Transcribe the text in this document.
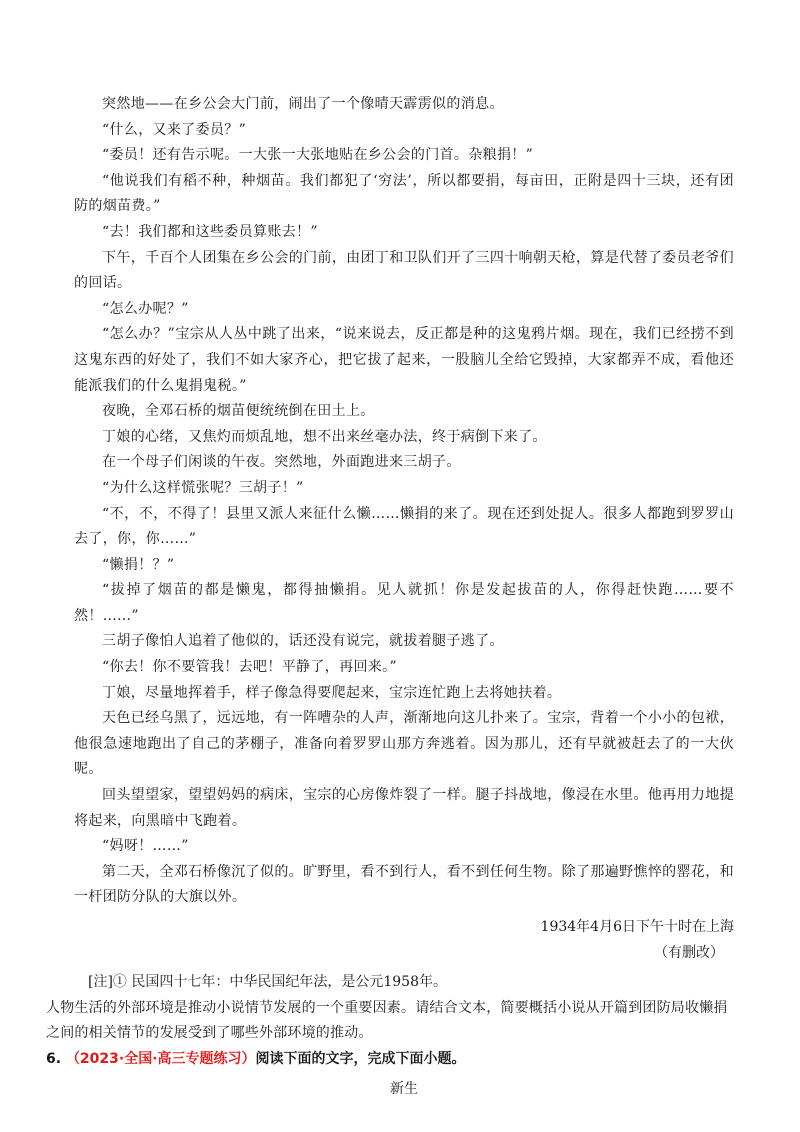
突然地——在乡公会大门前，闹出了一个像晴天霹雳似的消息。

“什么，又来了委员？”

“委员！还有告示呢。一大张一大张地贴在乡公会的门首。杂粮捐！”

“他说我们有稻不种，种烟苗。我们都犯了‘穷法’，所以都要捐，每亩田，正附是四十三块，还有团防的烟苗费。”

“去！我们都和这些委员算账去！”

下午，千百个人团集在乡公会的门前，由团丁和卫队们开了三四十响朝天枪，算是代替了委员老爷们的回话。

“怎么办呢？”

“怎么办？”宝宗从人丛中跳了出来，“说来说去，反正都是种的这鬼鸦片烟。现在，我们已经捞不到这鬼东西的好处了，我们不如大家齐心，把它拔了起来，一股脑儿全给它毁掉，大家都弄不成，看他还能派我们的什么鬼捐鬼税。”

夜晚，全邓石桥的烟苗便统统倒在田土上。

丁娘的心绪，又焦灼而烦乱地，想不出来丝毫办法，终于病倒下来了。

在一个母子们闲谈的午夜。突然地，外面跑进来三胡子。

“为什么这样慌张呢？三胡子！”

“不，不，不得了！县里又派人来征什么懒……懒捐的来了。现在还到处捉人。很多人都跑到罗罗山去了，你，你……”

“懒捐！？”

“拔掉了烟苗的都是懒鬼，都得抽懒捐。见人就抓！你是发起拔苗的人，你得赶快跑……要不然！……”

三胡子像怕人追着了他似的，话还没有说完，就拔着腿子逃了。

“你去！你不要管我！去吧！平静了，再回来。”

丁娘，尽量地挥着手，样子像急得要爬起来，宝宗连忙跑上去将她扶着。

天色已经乌黑了，远远地，有一阵嘈杂的人声，渐渐地向这儿扑来了。宝宗，背着一个小小的包袱，他很急速地跑出了自己的茅棚子，准备向着罗罗山那方奔逃着。因为那儿，还有早就被赶去了的一大伙呢。

回头望望家，望望妈妈的病床，宝宗的心房像炸裂了一样。腿子抖战地，像浸在水里。他再用力地提将起来，向黑暗中飞跑着。

“妈呀！……”

第二天，全邓石桥像沉了似的。旷野里，看不到行人，看不到任何生物。除了那遍野憔悴的罂花，和一杆团防分队的大旗以外。

1934年4月6日下午十时在上海

（有删改）

[注]① 民国四十七年：中华民国纪年法，是公元1958年。

人物生活的外部环境是推动小说情节发展的一个重要因素。请结合文本，简要概括小说从开篇到团防局收懒捐之间的相关情节的发展受到了哪些外部环境的推动。

6. （2023·全国·高三专题练习）阅读下面的文字，完成下面小题。

新生
